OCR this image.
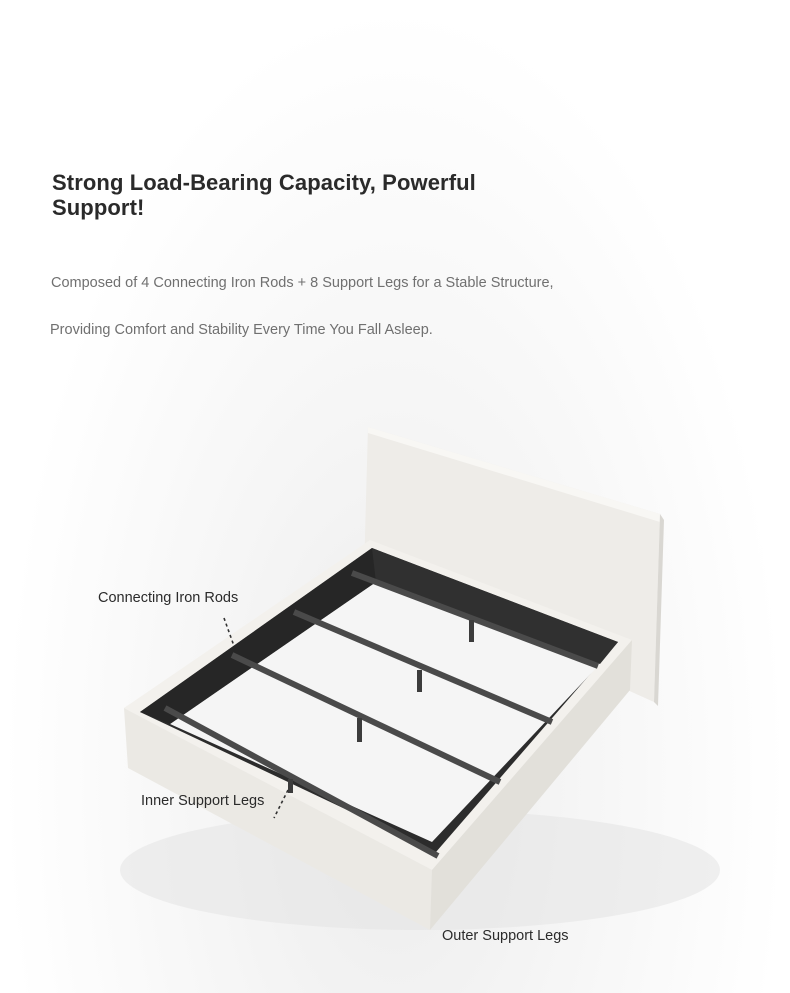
Strong Load-Bearing Capacity, Powerful Support!

Composed of 4 Connecting Iron Rods + 8 Support Legs for a Stable Structure,

Providing Comfort and Stability Every Time You Fall Asleep.

Connecting Iron Rods

Inner Support Legs

Outer Support Legs
